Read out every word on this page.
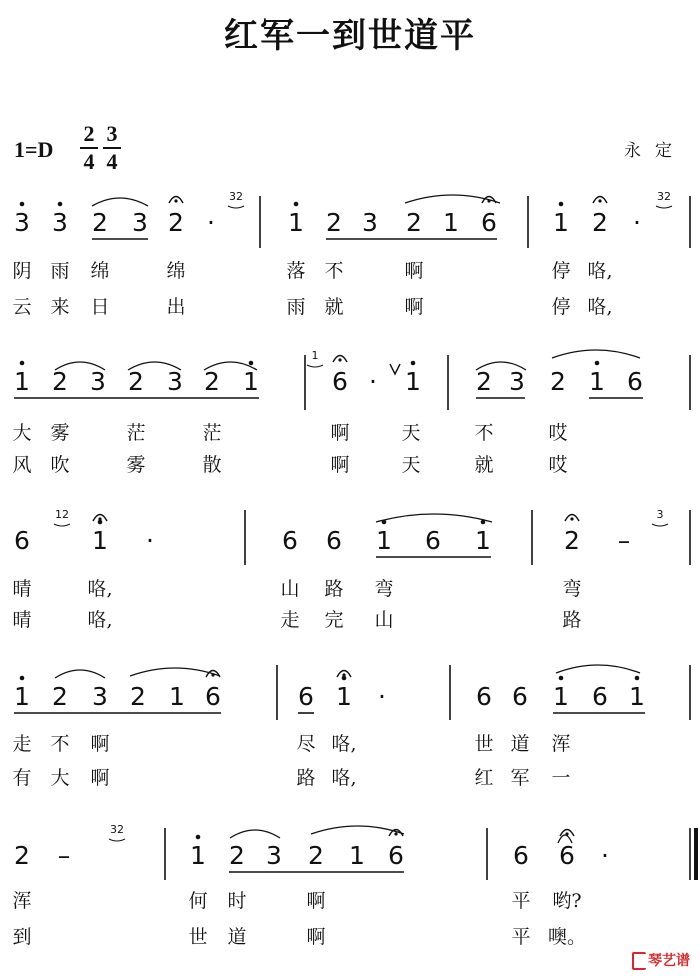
红军一到世道平
1=D
2
4
3
4	永定
琴艺谱
3 3 2 3 2 ·	1 2 3 2 1 6 1 2 ·
32	32
阴 雨 绵	绵	落 不	啊	停 咯,
云 来 日	出	雨 就	啊	停 咯,
1 2 3 2 3 2 1	6 · 1 2 3 2 1 6
1
大 雾	茫	茫	啊	天	不	哎
风 吹	雾	散	啊	天	就	哎
6 1 ·	6 6 1 6 1	2 –
12	3
晴	咯,	山 路 弯	弯
晴	咯,	走 完 山	路
1 2 3 2 1 6	6 1 ·	6 6 1 6 1
走 不 啊	尽 咯,	世 道 浑
有 大 啊	路 咯,	红 军 一
2 –	1 2 3 2 1 6	6 6 ·
32
浑	何 时	啊	平 哟?
到	世 道	啊	平 噢。
